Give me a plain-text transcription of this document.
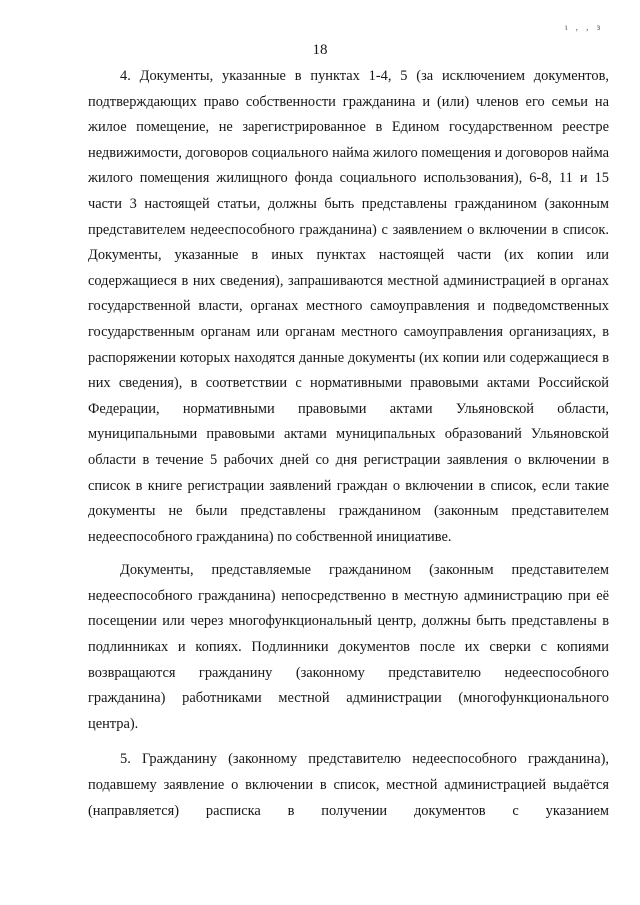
18
ι , , з

4. Документы, указанные в пунктах 1-4, 5 (за исключением документов, подтверждающих право собственности гражданина и (или) членов его семьи на жилое помещение, не зарегистрированное в Едином государственном реестре недвижимости, договоров социального найма жилого помещения и договоров найма жилого помещения жилищного фонда социального использования), 6-8, 11 и 15 части 3 настоящей статьи, должны быть представлены гражданином (законным представителем недееспособного гражданина) с заявлением о включении в список. Документы, указанные в иных пунктах настоящей части (их копии или содержащиеся в них сведения), запрашиваются местной администрацией в органах государственной власти, органах местного самоуправления и подведомственных государственным органам или органам местного самоуправления организациях, в распоряжении которых находятся данные документы (их копии или содержащиеся в них сведения), в соответствии с нормативными правовыми актами Российской Федерации, нормативными правовыми актами Ульяновской области, муниципальными правовыми актами муниципальных образований Ульяновской области в течение 5 рабочих дней со дня регистрации заявления о включении в список в книге регистрации заявлений граждан о включении в список, если такие документы не были представлены гражданином (законным представителем недееспособного гражданина) по собственной инициативе.

Документы, представляемые гражданином (законным представителем недееспособного гражданина) непосредственно в местную администрацию при её посещении или через многофункциональный центр, должны быть представлены в подлинниках и копиях. Подлинники документов после их сверки с копиями возвращаются гражданину (законному представителю недееспособного гражданина) работниками местной администрации (многофункционального центра).

5. Гражданину (законному представителю недееспособного гражданина), подавшему заявление о включении в список, местной администрацией выдаётся (направляется) расписка в получении документов с указанием
